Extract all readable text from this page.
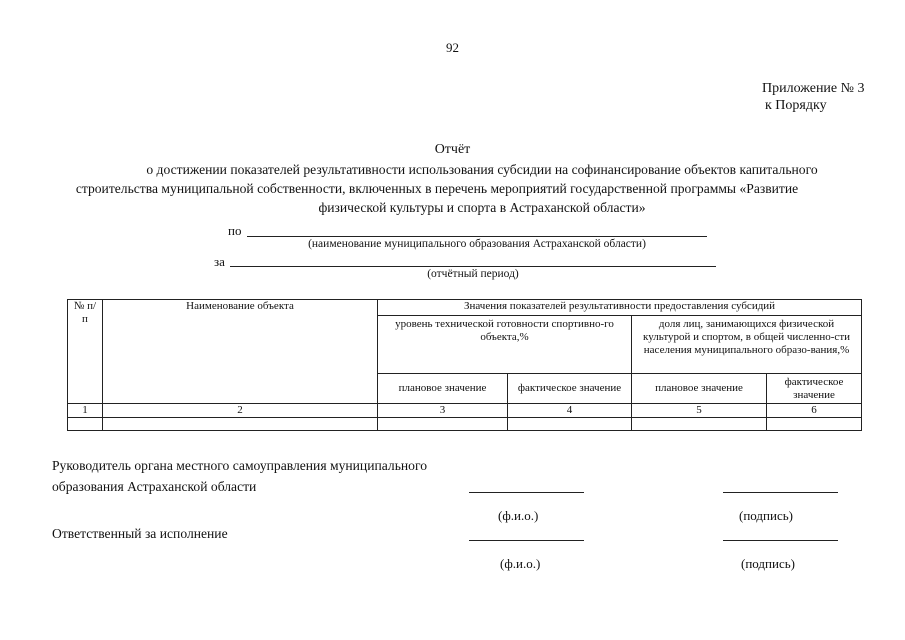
92
Приложение № 3
к Порядку
Отчёт
о достижении показателей результативности использования субсидии на софинансирование объектов капитального
строительства муниципальной собственности, включенных в перечень мероприятий государственной программы «Развитие
физической культуры и спорта в Астраханской области»
по
(наименование муниципального образования Астраханской области)
за
(отчётный период)
№ п/п	Наименование объекта	Значения показателей результативности предоставления субсидий			
		уровень технической готовности спортивно-го объекта,%		доля лиц, занимающихся физической культурой и спортом, в общей численно-сти населения муниципального образо-вания,%	
		плановое значение	фактическое значение	плановое значение	фактическое значение
1	2	3	4	5	6

Руководитель органа местного самоуправления муниципального
образования Астраханской области
(ф.и.о.)	(подпись)
Ответственный за исполнение
(ф.и.о.)	(подпись)
